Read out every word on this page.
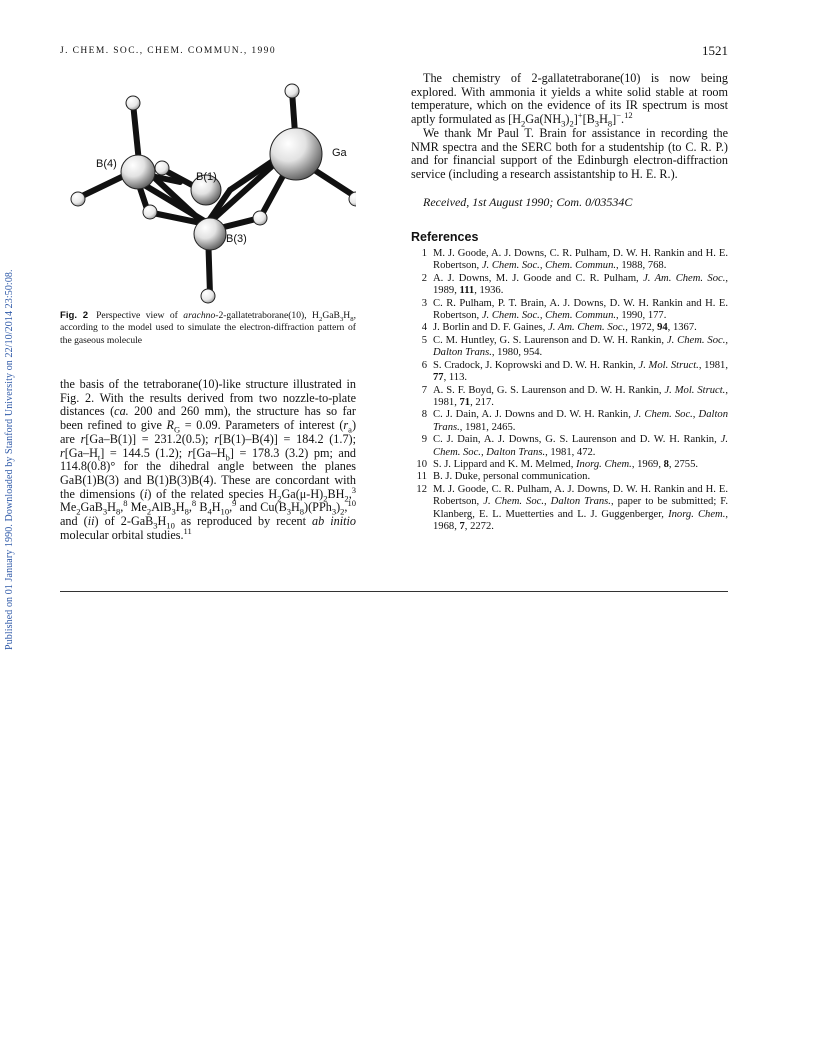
Published on 01 January 1990. Downloaded by Stanford University on 22/10/2014 23:50:08.
J. CHEM. SOC., CHEM. COMMUN., 1990	1521
B(4)
B(1)
B(3)
Ga
Fig. 2 Perspective view of arachno-2-gallatetraborane(10), $H_2GaB_3H_8$, according to the model used to simulate the electron-diffraction pattern of the gaseous molecule
the basis of the tetraborane(10)-like structure illustrated in Fig. 2. With the results derived from two nozzle-to-plate distances (ca. 200 and 260 mm), the structure has so far been refined to give $R_G = 0.09$. Parameters of interest $(r_a)$ are r[Ga–B(1)] = 231.2(0.5); r[B(1)–B(4)] = 184.2 (1.7); $r[Ga-H_t] = 144.5$ (1.2); $r[Ga-H_b] = 178.3$ (3.2) pm; and 114.8(0.8)° for the dihedral angle between the planes GaB(1)B(3) and B(1)B(3)B(4). These are concordant with the dimensions (i) of the related species $H_2Ga(\mu-H)_2BH_2,^3$ $Me_2GaB_3H_8,^8$ $Me_2AlB_3H_8,^8$ $B_4H_{10},^9$ and $Cu(B_3H_8)(PPh_3)_2,^{10}$ and (ii) of $2-GaB_3H_{10}$ as reproduced by recent ab initio molecular orbital studies.$^{11}$

The chemistry of 2-gallatetraborane(10) is now being explored. With ammonia it yields a white solid stable at room temperature, which on the evidence of its IR spectrum is most aptly formulated as $[H_2Ga(NH_3)_2]^+[B_3H_8]^-.^{12}$

We thank Mr Paul T. Brain for assistance in recording the NMR spectra and the SERC both for a studentship (to C. R. P.) and for financial support of the Edinburgh electron-diffraction service (including a research assistantship to H. E. R.).

Received, 1st August 1990; Com. 0/03534C

References
1 M. J. Goode, A. J. Downs, C. R. Pulham, D. W. H. Rankin and H. E. Robertson, J. Chem. Soc., Chem. Commun., 1988, 768.
2 A. J. Downs, M. J. Goode and C. R. Pulham, J. Am. Chem. Soc., 1989, 111, 1936.
3 C. R. Pulham, P. T. Brain, A. J. Downs, D. W. H. Rankin and H. E. Robertson, J. Chem. Soc., Chem. Commun., 1990, 177.
4 J. Borlin and D. F. Gaines, J. Am. Chem. Soc., 1972, 94, 1367.
5 C. M. Huntley, G. S. Laurenson and D. W. H. Rankin, J. Chem. Soc., Dalton Trans., 1980, 954.
6 S. Cradock, J. Koprowski and D. W. H. Rankin, J. Mol. Struct., 1981, 77, 113.
7 A. S. F. Boyd, G. S. Laurenson and D. W. H. Rankin, J. Mol. Struct., 1981, 71, 217.
8 C. J. Dain, A. J. Downs and D. W. H. Rankin, J. Chem. Soc., Dalton Trans., 1981, 2465.
9 C. J. Dain, A. J. Downs, G. S. Laurenson and D. W. H. Rankin, J. Chem. Soc., Dalton Trans., 1981, 472.
10 S. J. Lippard and K. M. Melmed, Inorg. Chem., 1969, 8, 2755.
11 B. J. Duke, personal communication.
12 M. J. Goode, C. R. Pulham, A. J. Downs, D. W. H. Rankin and H. E. Robertson, J. Chem. Soc., Dalton Trans., paper to be submitted; F. Klanberg, E. L. Muetterties and L. J. Guggenberger, Inorg. Chem., 1968, 7, 2272.
